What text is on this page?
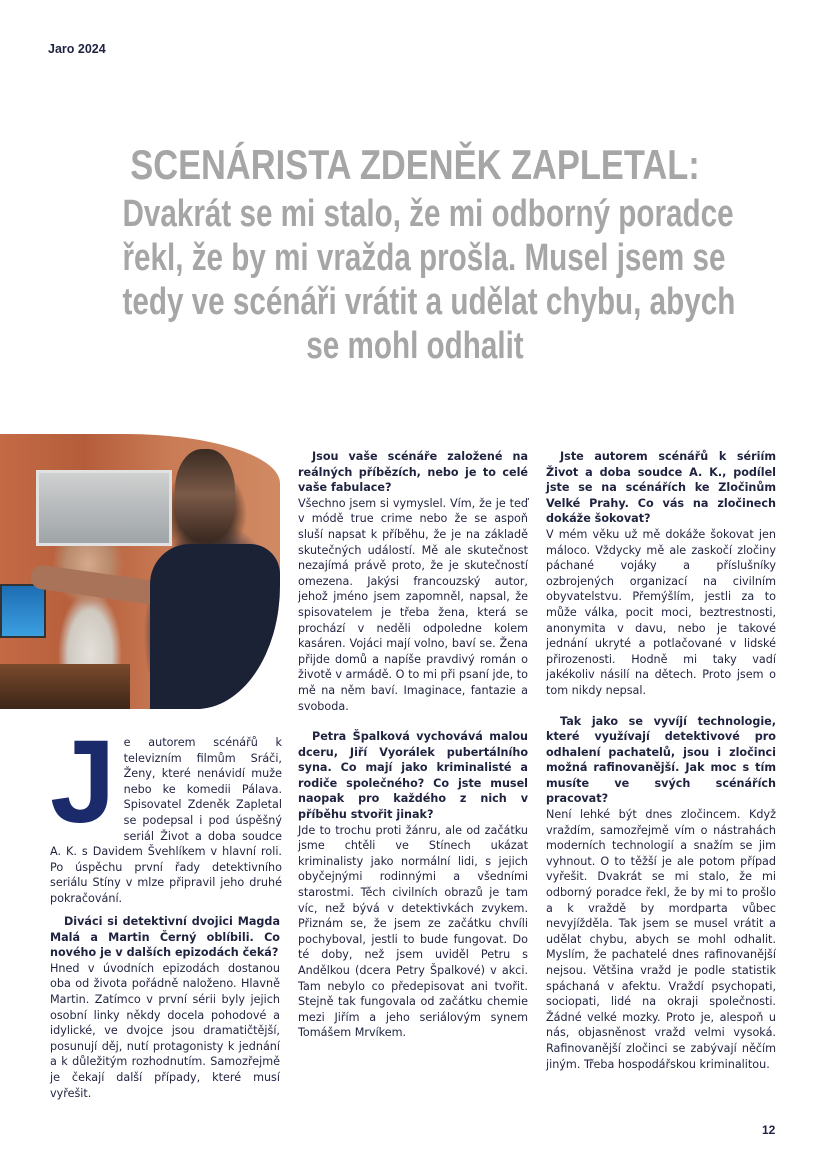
Jaro 2024
SCENÁRISTA ZDENĚK ZAPLETAL:
Dvakrát se mi stalo, že mi odborný poradce
řekl, že by mi vražda prošla. Musel jsem se
tedy ve scénáři vrátit a udělat chybu, abych
se mohl odhalit
J e autorem scénářů k televizním filmům Sráči, Ženy, které nenávidí muže nebo ke komedii Pálava. Spisovatel Zdeněk Zapletal se podepsal i pod úspěšný seriál Život a doba soudce A. K. s Davidem Švehlíkem v hlavní roli. Po úspěchu první řady detektivního seriálu Stíny v mlze připravil jeho druhé pokračování.
Diváci si detektivní dvojici Magda Malá a Martin Černý oblíbili. Co nového je v dalších epizodách čeká?
Hned v úvodních epizodách dostanou oba od života pořádně naloženo. Hlavně Martin. Zatímco v první sérii byly jejich osobní linky někdy docela pohodové a idylické, ve dvojce jsou dramatičtější, posunují děj, nutí protagonisty k jednání a k důležitým rozhodnutím. Samozřejmě je čekají další případy, které musí vyřešit.
Jsou vaše scénáře založené na reálných příbězích, nebo je to celé vaše fabulace?
Všechno jsem si vymyslel. Vím, že je teď v módě true crime nebo že se aspoň sluší napsat k příběhu, že je na základě skutečných událostí. Mě ale skutečnost nezajímá právě proto, že je skutečností omezena. Jakýsi francouzský autor, jehož jméno jsem zapomněl, napsal, že spisovatelem je třeba žena, která se prochází v neděli odpoledne kolem kasáren. Vojáci mají volno, baví se. Žena přijde domů a napíše pravdivý román o životě v armádě. O to mi při psaní jde, to mě na něm baví. Imaginace, fantazie a svoboda.
Petra Špalková vychovává malou dceru, Jiří Vyorálek pubertálního syna. Co mají jako kriminalisté a rodiče společného? Co jste musel naopak pro každého z nich v příběhu stvořit jinak?
Jde to trochu proti žánru, ale od začátku jsme chtěli ve Stínech ukázat kriminalisty jako normální lidi, s jejich obyčejnými rodinnými a všedními starostmi. Těch civilních obrazů je tam víc, než bývá v detektivkách zvykem. Přiznám se, že jsem ze začátku chvíli pochyboval, jestli to bude fungovat. Do té doby, než jsem uviděl Petru s Andělkou (dcera Petry Špalkové) v akci. Tam nebylo co předepisovat ani tvořit. Stejně tak fungovala od začátku chemie mezi Jiřím a jeho seriálovým synem Tomášem Mrvíkem.
Jste autorem scénářů k sériím Život a doba soudce A. K., podílel jste se na scénářích ke Zločinům Velké Prahy. Co vás na zločinech dokáže šokovat?
V mém věku už mě dokáže šokovat jen máloco. Vždycky mě ale zaskočí zločiny páchané vojáky a příslušníky ozbrojených organizací na civilním obyvatelstvu. Přemýšlím, jestli za to může válka, pocit moci, beztrestnosti, anonymita v davu, nebo je takové jednání ukryté a potlačované v lidské přirozenosti. Hodně mi taky vadí jakékoliv násilí na dětech. Proto jsem o tom nikdy nepsal.
Tak jako se vyvíjí technologie, které využívají detektivové pro odhalení pachatelů, jsou i zločinci možná rafinovanější. Jak moc s tím musíte ve svých scénářích pracovat?
Není lehké být dnes zločincem. Když vraždím, samozřejmě vím o nástrahách moderních technologií a snažím se jim vyhnout. O to těžší je ale potom případ vyřešit. Dvakrát se mi stalo, že mi odborný poradce řekl, že by mi to prošlo a k vraždě by mordparta vůbec nevyjížděla. Tak jsem se musel vrátit a udělat chybu, abych se mohl odhalit. Myslím, že pachatelé dnes rafinovanější nejsou. Většina vražd je podle statistik spáchaná v afektu. Vraždí psychopati, sociopati, lidé na okraji společnosti. Žádné velké mozky. Proto je, alespoň u nás, objasněnost vražd velmi vysoká. Rafinovanější zločinci se zabývají něčím jiným. Třeba hospodářskou kriminalitou.
12
